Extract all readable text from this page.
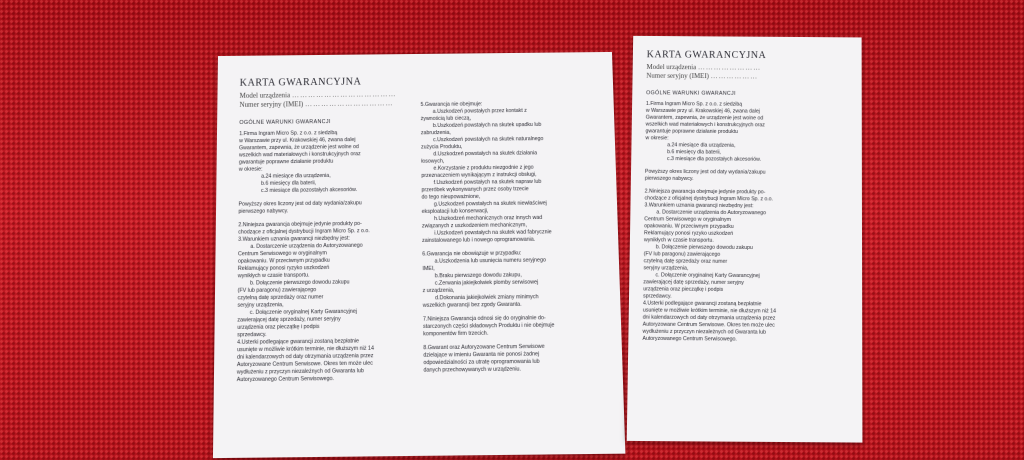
KARTA GWARANCYJNA
Model urządzenia …………………………………
Numer seryjny (IMEI) ……………………………
OGÓLNE WARUNKI GWARANCJI

1.Firma Ingram Micro Sp. z o.o. z siedzibą

w Warszawie przy ul. Krakowskiej 46, zwana dalej

Gwarantem, zapewnia, że urządzenie jest wolne od

wszelkich wad materiałowych i konstrukcyjnych oraz

gwarantuje poprawne działanie produktu

w okresie:

a.24 miesiące dla urządzenia,

b.6 miesięcy dla baterii,

c.3 miesiące dla pozostałych akcesoriów.

Powyższy okres liczony jest od daty wydania/zakupu

pierwszego nabywcy.

2.Niniejsza gwarancja obejmuje jedynie produkty po-

chodzące z oficjalnej dystrybucji Ingram Micro Sp. z o.o.

3.Warunkiem uznania gwarancji niezbędny jest:

a. Dostarczenie urządzenia do Autoryzowanego

Centrum Serwisowego w oryginalnym

opakowaniu. W przeciwnym przypadku

Reklamujący ponosi ryzyko uszkodzeń

wynikłych w czasie transportu.

b. Dołączenie pierwszego dowodu zakupu

(FV lub paragonu) zawierającego

czytelną datę sprzedaży oraz numer

seryjny urządzenia,

c. Dołączenie oryginalnej Karty Gwarancyjnej

zawierającej datę sprzedaży, numer seryjny

urządzenia oraz pieczątkę i podpis

sprzedawcy.

4.Usterki podlegające gwarancji zostaną bezpłatnie

usunięte w możliwie krótkim terminie, nie dłuższym niż 14

dni kalendarzowych od daty otrzymania urządzenia przez

Autoryzowane Centrum Serwisowe. Okres ten może ulec

wydłużeniu z przyczyn niezależnych od Gwaranta lub

Autoryzowanego Centrum Serwisowego.

5.Gwarancja nie obejmuje:

a.Uszkodzeń powstałych przez kontakt z

żywnością lub cieczą,

b.Uszkodzeń powstałych na skutek upadku lub

zabrudzenia,

c.Uszkodzeń powstałych na skutek naturalnego

zużycia Produktu,

d.Uszkodzeń powstałych na skutek działania

łosowych,

e.Korzystanie z produktu niezgodnie z jego

przeznaczeniem wynikającym z instrukcji obsługi,

f.Uszkodzeń powstałych na skutek napraw lub

przeróbek wykonywanych przez osoby trzecie

do tego nieupoważnione,

g.Uszkodzeń powstałych na skutek niewłaściwej

eksploatacji lub konserwacji,

h.Uszkodzeń mechanicznych oraz innych wad

związanych z uszkodzeniem mechanicznym,

i.Uszkodzeń powstałych na skutek wad fabrycznie

zainstalowanego lub i nowego oprogramowania.

6.Gwarancja nie obowiązuje w przypadku:

a.Uszkodzenia lub usunięcia numeru seryjnego

IMEI,

b.Braku pierwszego dowodu zakupu,

c.Zerwania jakiejkolwiek plomby serwisowej

z urządzenia,

d.Dokonania jakiejkolwiek zmiany minimych

wszelkich gwarancji bez zgody Gwaranta.

7.Niniejsza Gwarancja odnosi się do oryginalnie do-

starczonych części składowych Produktu i nie obejmuje

komponentów firm trzecich.

8.Gwarant oraz Autoryzowane Centrum Serwisowe

dzielające w imieniu Gwaranta nie ponosi żadnej

odpowiedzialności za utratę oprogramowania lub

danych przechowywanych w urządzeniu.

KARTA GWARANCYJNA
Model urządzenia ……………………
Numer seryjny (IMEI) ………………
OGÓLNE WARUNKI GWARANCJI

1.Firma Ingram Micro Sp. z o.o. z siedzibą

w Warszawie przy ul. Krakowskiej 46, zwana dalej

Gwarantem, zapewnia, że urządzenie jest wolne od

wszelkich wad materiałowych i konstrukcyjnych oraz

gwarantuje poprawne działanie produktu

w okresie:

a.24 miesiące dla urządzenia,

b.6 miesięcy dla baterii,

c.3 miesiące dla pozostałych akcesoriów.

Powyższy okres liczony jest od daty wydania/zakupu

pierwszego nabywcy.

2.Niniejsza gwarancja obejmuje jedynie produkty po-

chodzące z oficjalnej dystrybucji Ingram Micro Sp. z o.o.

3.Warunkiem uznania gwarancji niezbędny jest:

a. Dostarczenie urządzenia do Autoryzowanego

Centrum Serwisowego w oryginalnym

opakowaniu. W przeciwnym przypadku

Reklamujący ponosi ryzyko uszkodzeń

wynikłych w czasie transportu.

b. Dołączenie pierwszego dowodu zakupu

(FV lub paragonu) zawierającego

czytelną datę sprzedaży oraz numer

seryjny urządzenia,

c. Dołączenie oryginalnej Karty Gwarancyjnej

zawierającej datę sprzedaży, numer seryjny

urządzenia oraz pieczątkę i podpis

sprzedawcy.

4.Usterki podlegające gwarancji zostaną bezpłatnie

usunięte w możliwie krótkim terminie, nie dłuższym niż 14

dni kalendarzowych od daty otrzymania urządzenia przez

Autoryzowane Centrum Serwisowe. Okres ten może ulec

wydłużeniu z przyczyn niezależnych od Gwaranta lub

Autoryzowanego Centrum Serwisowego.
